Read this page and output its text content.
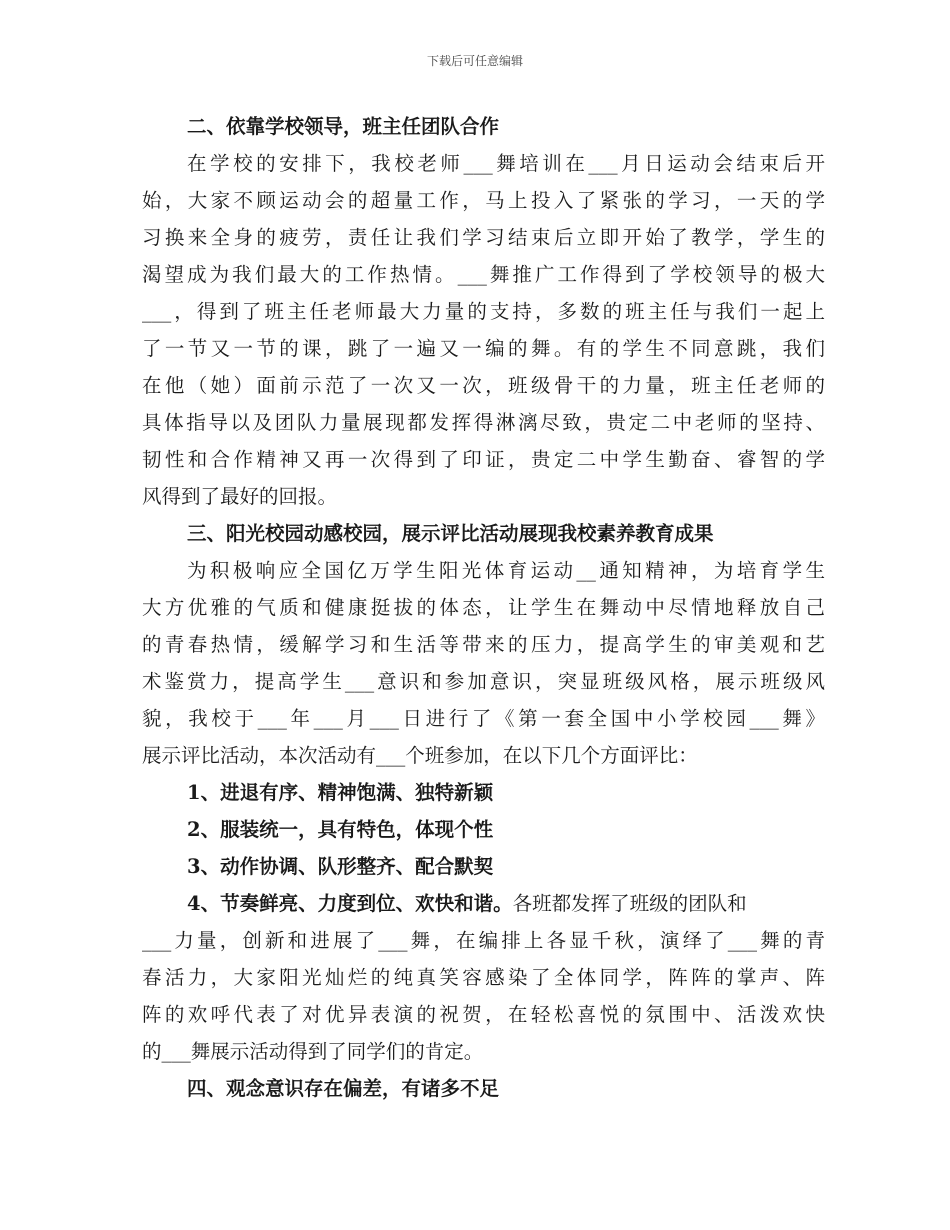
下载后可任意编辑
二、依靠学校领导，班主任团队合作
在学校的安排下，我校老师___舞培训在___月日运动会结束后开
始，大家不顾运动会的超量工作，马上投入了紧张的学习，一天的学
习换来全身的疲劳，责任让我们学习结束后立即开始了教学，学生的
渴望成为我们最大的工作热情。___舞推广工作得到了学校领导的极大
___，得到了班主任老师最大力量的支持，多数的班主任与我们一起上
了一节又一节的课，跳了一遍又一编的舞。有的学生不同意跳，我们
在他（她）面前示范了一次又一次，班级骨干的力量，班主任老师的
具体指导以及团队力量展现都发挥得淋漓尽致，贵定二中老师的坚持、
韧性和合作精神又再一次得到了印证，贵定二中学生勤奋、睿智的学
风得到了最好的回报。
三、阳光校园动感校园，展示评比活动展现我校素养教育成果
为积极响应全国亿万学生阳光体育运动__通知精神，为培育学生
大方优雅的气质和健康挺拔的体态，让学生在舞动中尽情地释放自己
的青春热情，缓解学习和生活等带来的压力，提高学生的审美观和艺
术鉴赏力，提高学生___意识和参加意识，突显班级风格，展示班级风
貌，我校于___年___月___日进行了《第一套全国中小学校园___舞》
展示评比活动，本次活动有___个班参加，在以下几个方面评比：
1、进退有序、精神饱满、独特新颖
2、服装统一，具有特色，体现个性
3、动作协调、队形整齐、配合默契
4、节奏鲜亮、力度到位、欢快和谐。各班都发挥了班级的团队和
___力量，创新和进展了___舞，在编排上各显千秋，演绎了___舞的青
春活力，大家阳光灿烂的纯真笑容感染了全体同学，阵阵的掌声、阵
阵的欢呼代表了对优异表演的祝贺，在轻松喜悦的氛围中、活泼欢快
的___舞展示活动得到了同学们的肯定。
四、观念意识存在偏差，有诸多不足
